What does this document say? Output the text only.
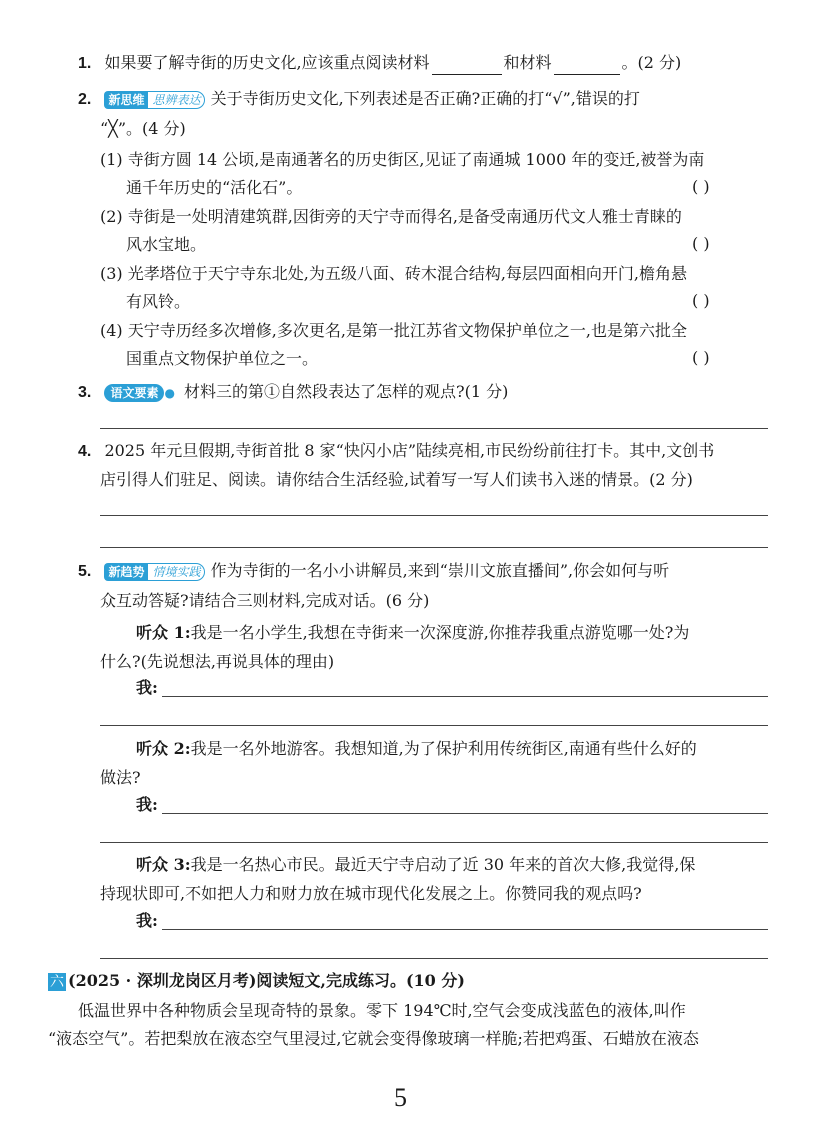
1. 如果要了解寺街的历史文化,应该重点阅读材料	和材料	。(2 分)
2. 新思维 思辨表达 关于寺街历史文化,下列表述是否正确?正确的打“√”,错误的打
“╳”。(4 分)
(1) 寺街方圆 14 公顷,是南通著名的历史街区,见证了南通城 1000 年的变迁,被誉为南
通千年历史的“活化石”。	( )
(2) 寺街是一处明清建筑群,因街旁的天宁寺而得名,是备受南通历代文人雅士青睐的
风水宝地。	( )
(3) 光孝塔位于天宁寺东北处,为五级八面、砖木混合结构,每层四面相向开门,檐角悬
有风铃。	( )
(4) 天宁寺历经多次增修,多次更名,是第一批江苏省文物保护单位之一,也是第六批全
国重点文物保护单位之一。	( )
3. 语文要素 ● 材料三的第①自然段表达了怎样的观点?(1 分)
4. 2025 年元旦假期,寺街首批 8 家“快闪小店”陆续亮相,市民纷纷前往打卡。其中,文创书
店引得人们驻足、阅读。请你结合生活经验,试着写一写人们读书入迷的情景。(2 分)
5. 新趋势 情境实践 作为寺街的一名小小讲解员,来到“崇川文旅直播间”,你会如何与听
众互动答疑?请结合三则材料,完成对话。(6 分)
听众 1:我是一名小学生,我想在寺街来一次深度游,你推荐我重点游览哪一处?为
什么?(先说想法,再说具体的理由)
我:
听众 2:我是一名外地游客。我想知道,为了保护利用传统街区,南通有些什么好的
做法?
我:
听众 3:我是一名热心市民。最近天宁寺启动了近 30 年来的首次大修,我觉得,保
持现状即可,不如把人力和财力放在城市现代化发展之上。你赞同我的观点吗?
我:
六 (2025 · 深圳龙岗区月考)阅读短文,完成练习。(10 分)
低温世界中各种物质会呈现奇特的景象。零下 194℃时,空气会变成浅蓝色的液体,叫作
“液态空气”。若把梨放在液态空气里浸过,它就会变得像玻璃一样脆;若把鸡蛋、石蜡放在液态
5
